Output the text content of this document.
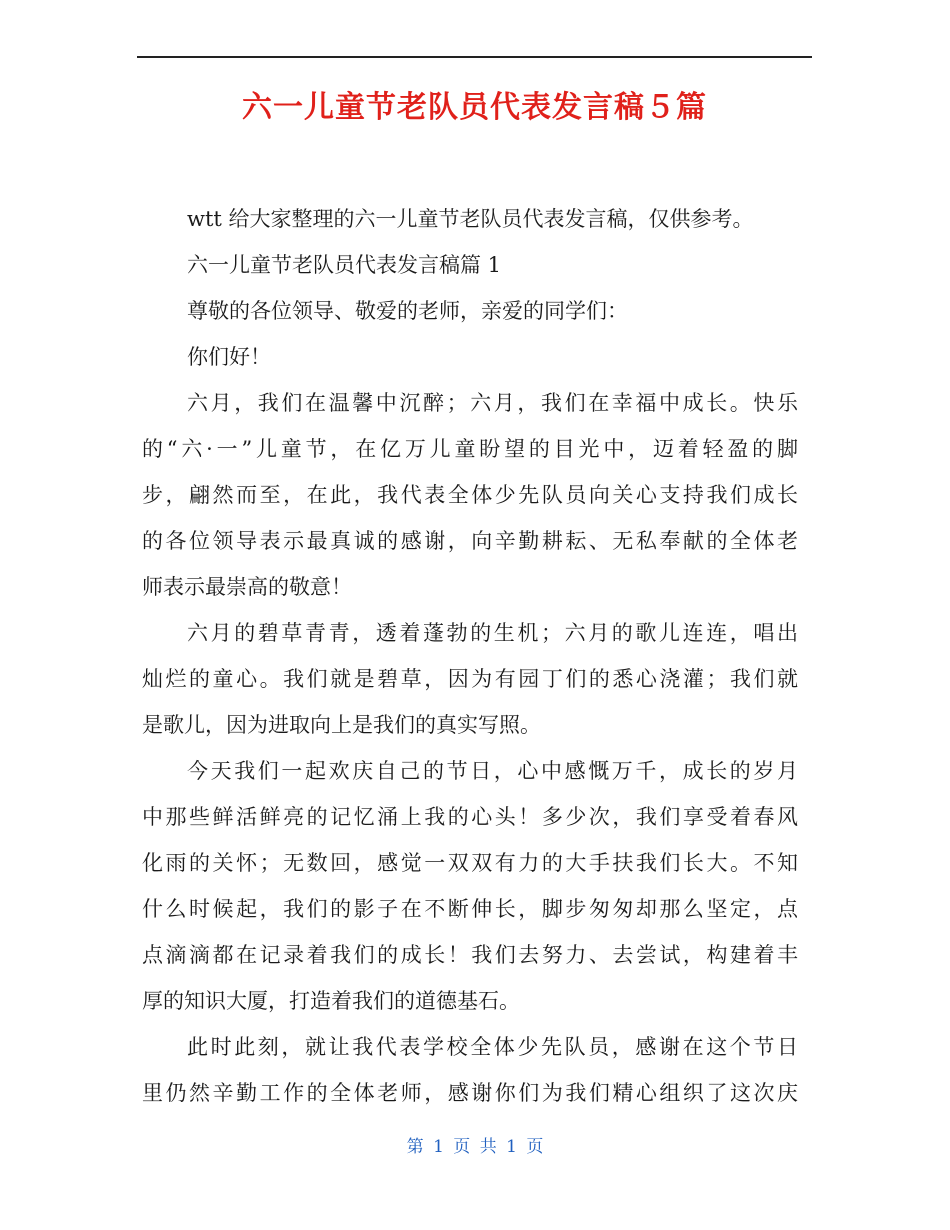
六一儿童节老队员代表发言稿５篇

wtt 给大家整理的六一儿童节老队员代表发言稿，仅供参考。

六一儿童节老队员代表发言稿篇 1

尊敬的各位领导、敬爱的老师，亲爱的同学们：

你们好！

六月，我们在温馨中沉醉；六月，我们在幸福中成长。快乐

的“六·一”儿童节，在亿万儿童盼望的目光中，迈着轻盈的脚

步，翩然而至，在此，我代表全体少先队员向关心支持我们成长

的各位领导表示最真诚的感谢，向辛勤耕耘、无私奉献的全体老

师表示最崇高的敬意！

六月的碧草青青，透着蓬勃的生机；六月的歌儿连连，唱出

灿烂的童心。我们就是碧草，因为有园丁们的悉心浇灌；我们就

是歌儿，因为进取向上是我们的真实写照。

今天我们一起欢庆自己的节日，心中感慨万千，成长的岁月

中那些鲜活鲜亮的记忆涌上我的心头！多少次，我们享受着春风

化雨的关怀；无数回，感觉一双双有力的大手扶我们长大。不知

什么时候起，我们的影子在不断伸长，脚步匆匆却那么坚定，点

点滴滴都在记录着我们的成长！我们去努力、去尝试，构建着丰

厚的知识大厦，打造着我们的道德基石。

此时此刻，就让我代表学校全体少先队员，感谢在这个节日

里仍然辛勤工作的全体老师，感谢你们为我们精心组织了这次庆

第 1 页 共 1 页
